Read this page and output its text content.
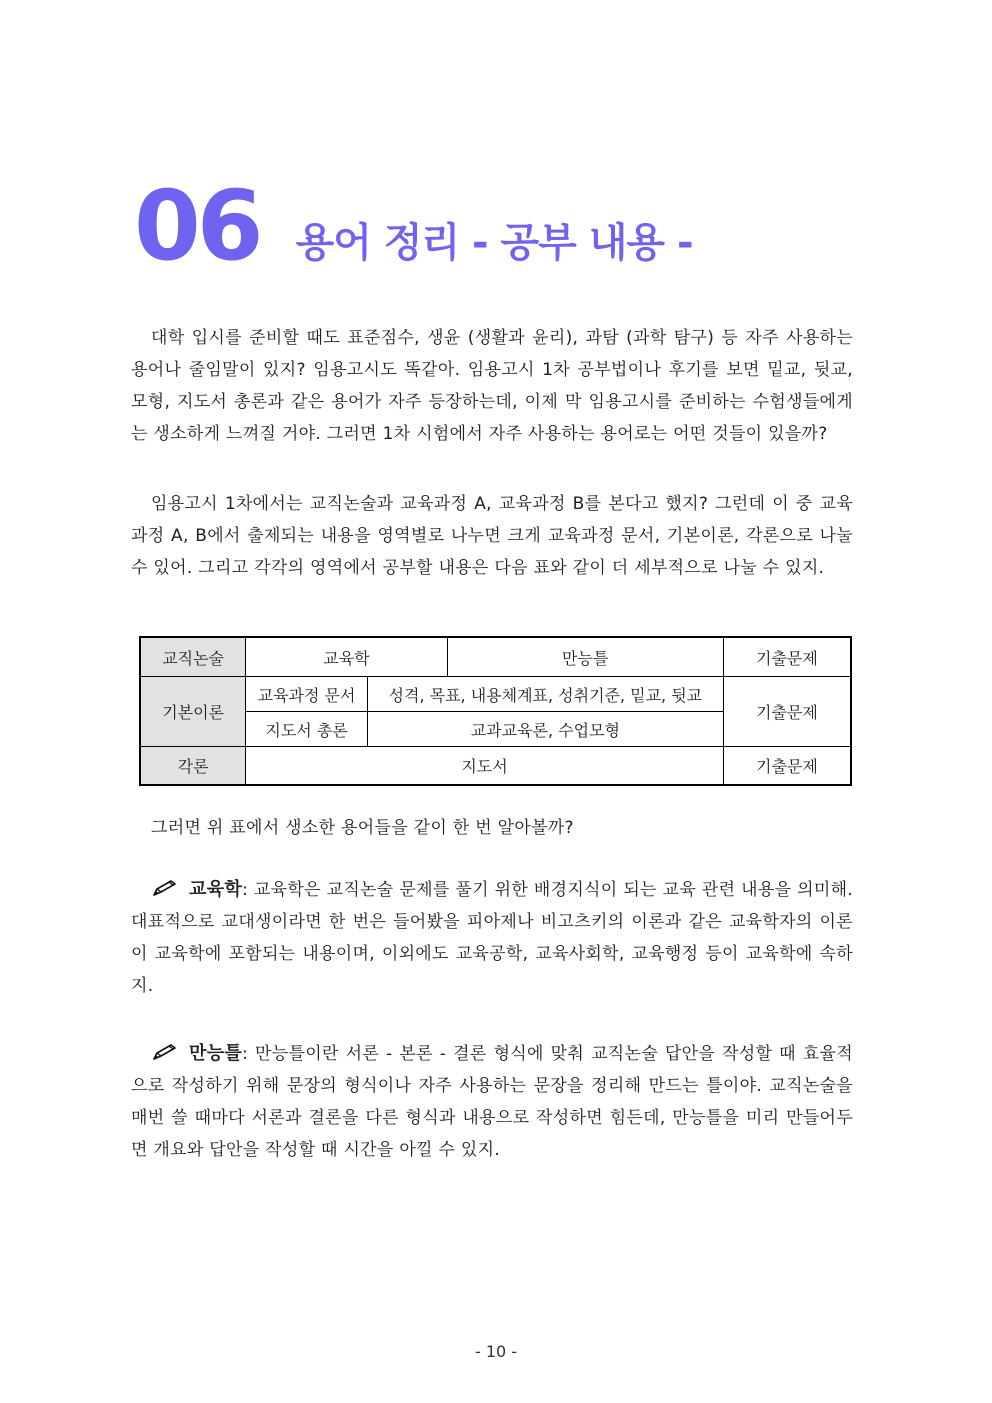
06 용어 정리 - 공부 내용 -

대학 입시를 준비할 때도 표준점수, 생윤 (생활과 윤리), 과탐 (과학 탐구) 등 자주 사용하는 용어나 줄임말이 있지? 임용고시도 똑같아. 임용고시 1차 공부법이나 후기를 보면 밑교, 뒷교, 모형, 지도서 총론과 같은 용어가 자주 등장하는데, 이제 막 임용고시를 준비하는 수험생들에게는 생소하게 느껴질 거야. 그러면 1차 시험에서 자주 사용하는 용어로는 어떤 것들이 있을까?

임용고시 1차에서는 교직논술과 교육과정 A, 교육과정 B를 본다고 했지? 그런데 이 중 교육과정 A, B에서 출제되는 내용을 영역별로 나누면 크게 교육과정 문서, 기본이론, 각론으로 나눌 수 있어. 그리고 각각의 영역에서 공부할 내용은 다음 표와 같이 더 세부적으로 나눌 수 있지.

교직논술	교육학		만능틀	기출문제
기본이론	교육과정 문서	성격, 목표, 내용체계표, 성취기준, 밑교, 뒷교		기출문제
	지도서 총론	교과교육론, 수업모형		
각론	지도서			기출문제

그러면 위 표에서 생소한 용어들을 같이 한 번 알아볼까?

교육학: 교육학은 교직논술 문제를 풀기 위한 배경지식이 되는 교육 관련 내용을 의미해. 대표적으로 교대생이라면 한 번은 들어봤을 피아제나 비고츠키의 이론과 같은 교육학자의 이론이 교육학에 포함되는 내용이며, 이외에도 교육공학, 교육사회학, 교육행정 등이 교육학에 속하지.

만능틀: 만능틀이란 서론 - 본론 - 결론 형식에 맞춰 교직논술 답안을 작성할 때 효율적으로 작성하기 위해 문장의 형식이나 자주 사용하는 문장을 정리해 만드는 틀이야. 교직논술을 매번 쓸 때마다 서론과 결론을 다른 형식과 내용으로 작성하면 힘든데, 만능틀을 미리 만들어두면 개요와 답안을 작성할 때 시간을 아낄 수 있지.

- 10 -
